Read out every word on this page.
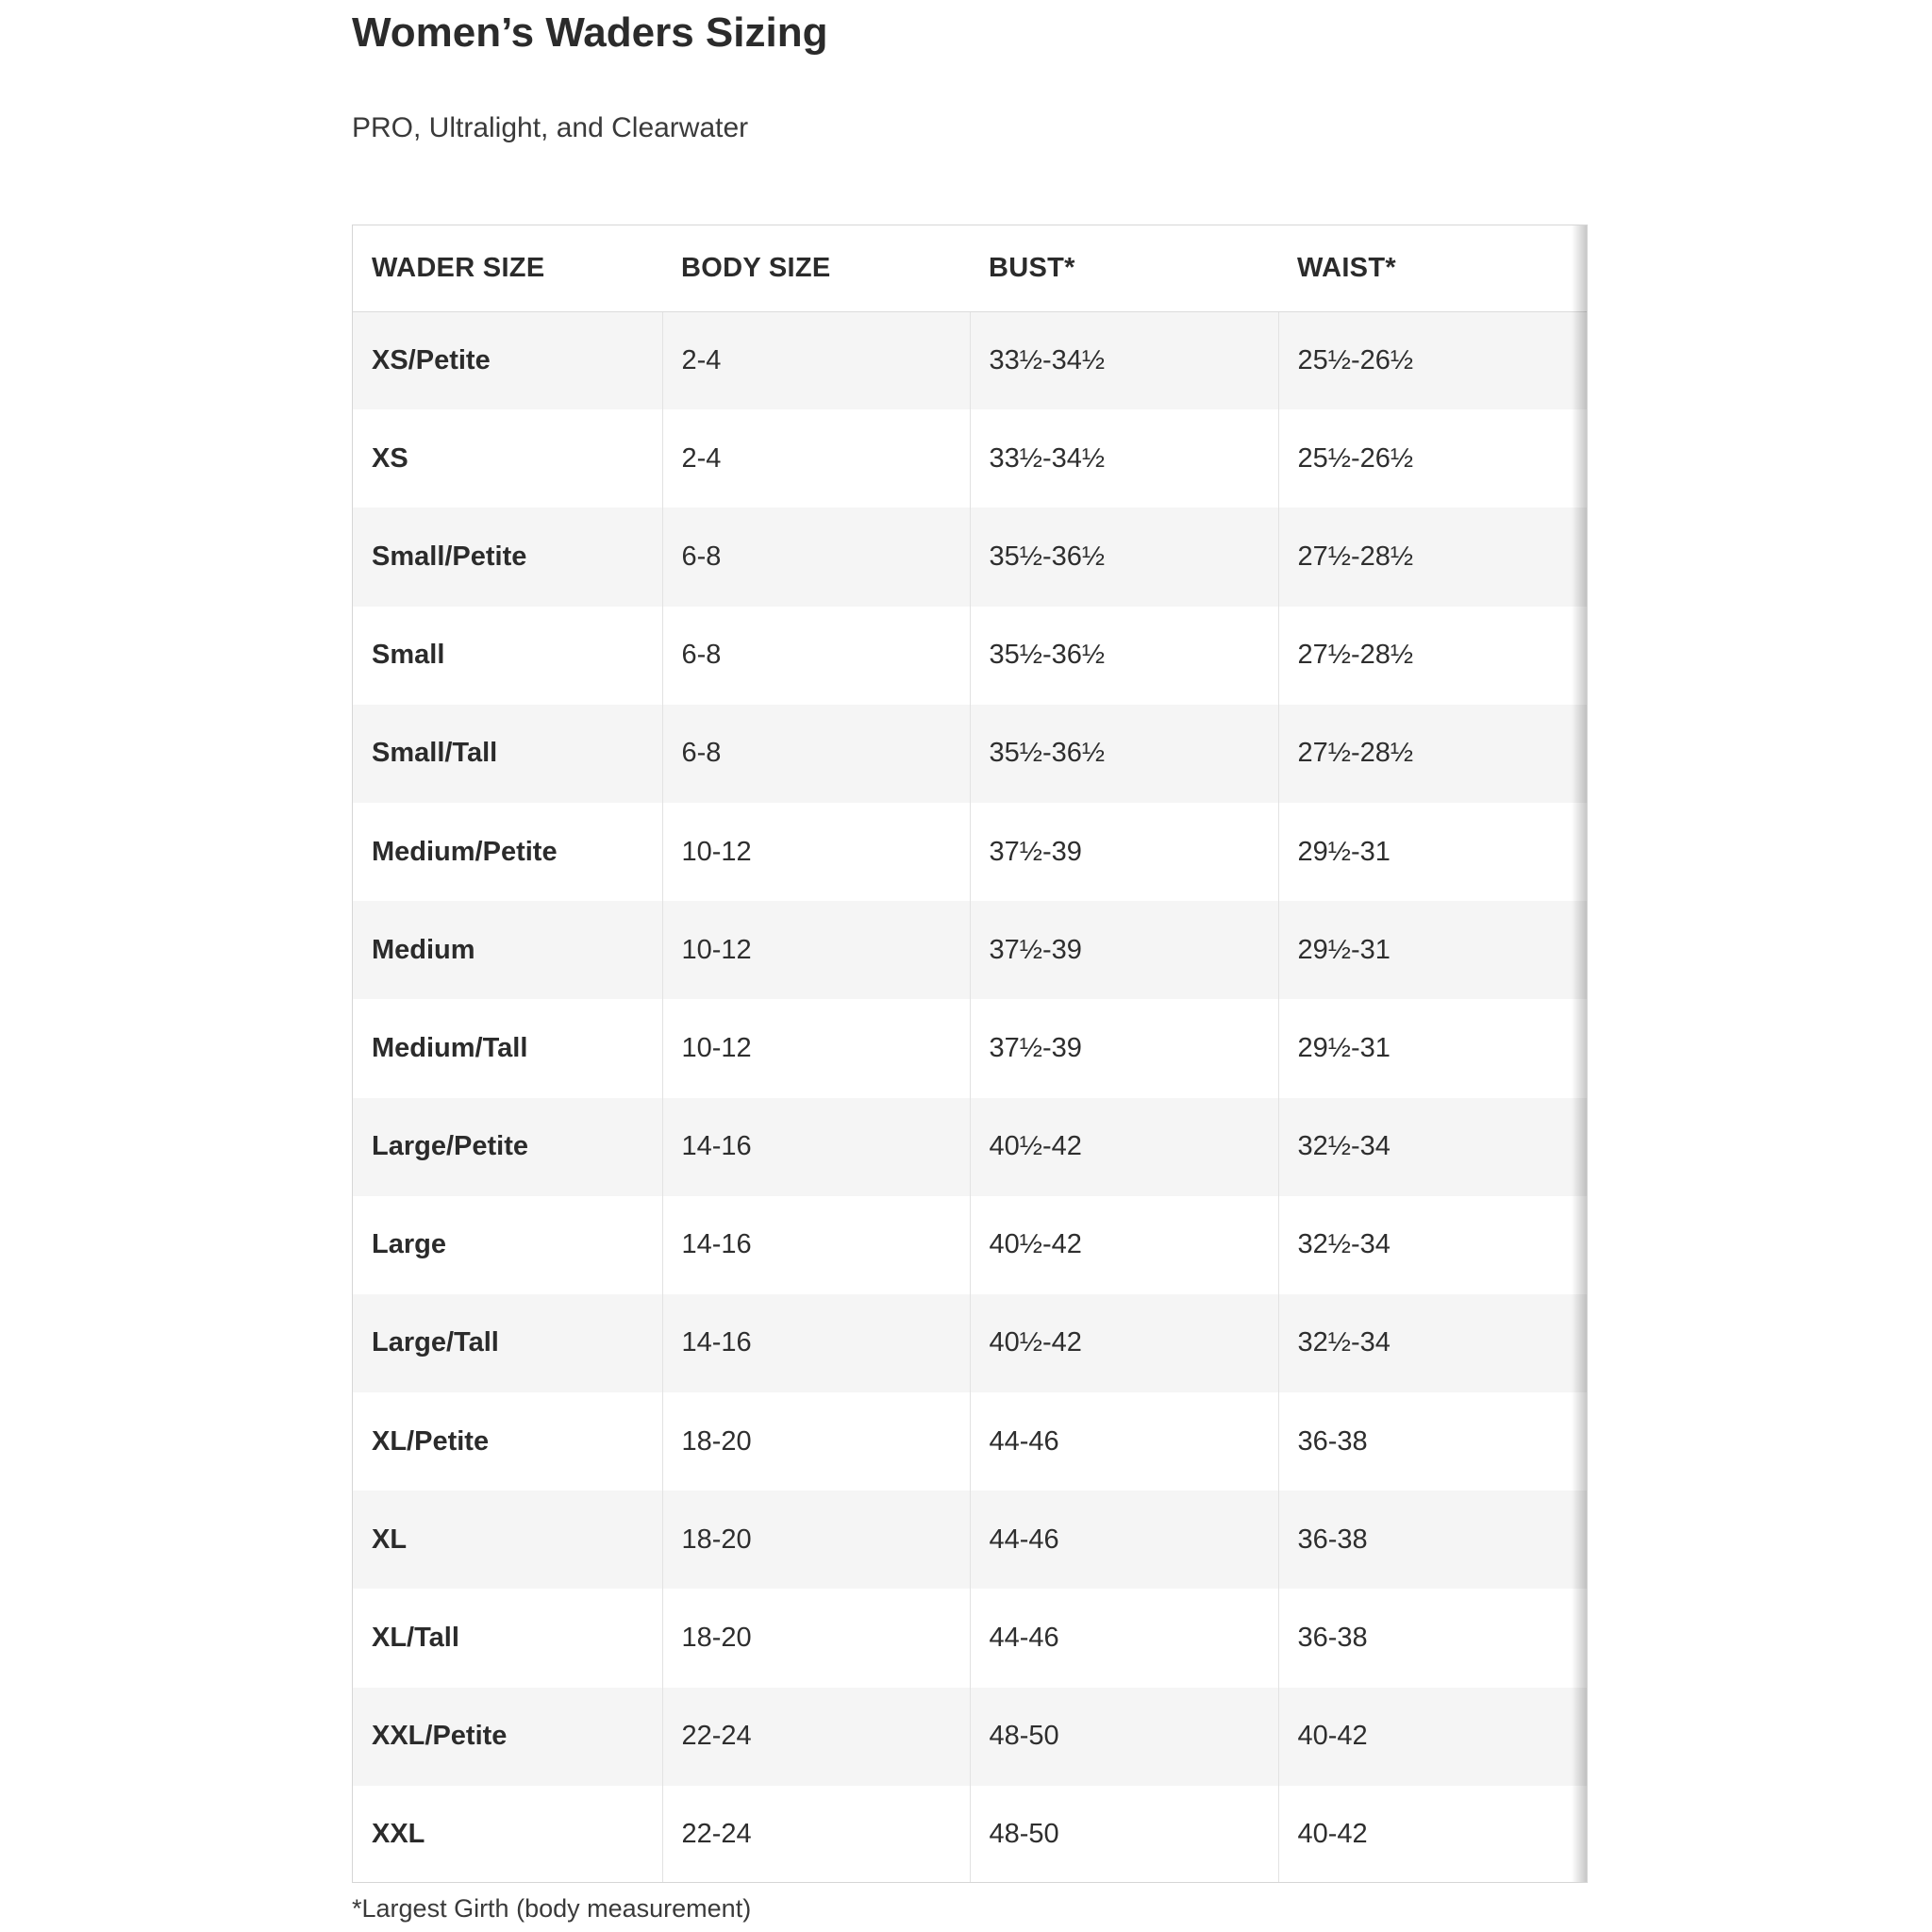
Women’s Waders Sizing

PRO, Ultralight, and Clearwater

WADER SIZE	BODY SIZE	BUST*	WAIST*
XS/Petite	2-4	33½-34½	25½-26½
XS	2-4	33½-34½	25½-26½
Small/Petite	6-8	35½-36½	27½-28½
Small	6-8	35½-36½	27½-28½
Small/Tall	6-8	35½-36½	27½-28½
Medium/Petite	10-12	37½-39	29½-31
Medium	10-12	37½-39	29½-31
Medium/Tall	10-12	37½-39	29½-31
Large/Petite	14-16	40½-42	32½-34
Large	14-16	40½-42	32½-34
Large/Tall	14-16	40½-42	32½-34
XL/Petite	18-20	44-46	36-38
XL	18-20	44-46	36-38
XL/Tall	18-20	44-46	36-38
XXL/Petite	22-24	48-50	40-42
XXL	22-24	48-50	40-42

*Largest Girth (body measurement)
